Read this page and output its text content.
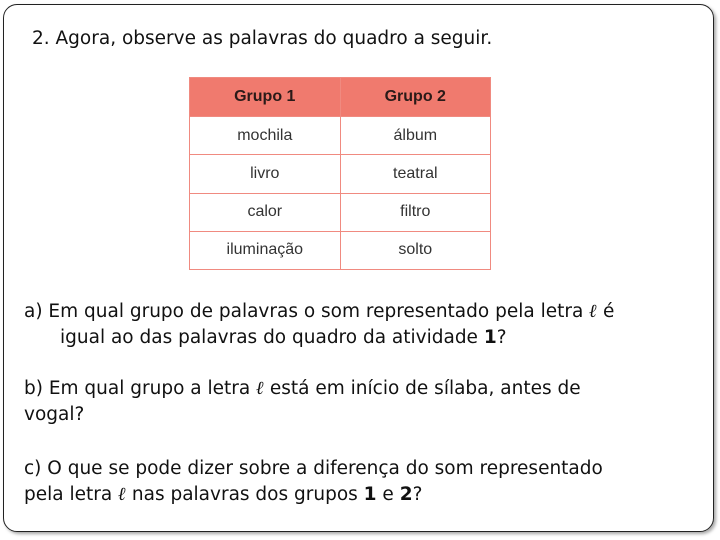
2. Agora, observe as palavras do quadro a seguir.
Grupo 1	Grupo 2
mochila	álbum
livro	teatral
calor	filtro
iluminação	solto
a) Em qual grupo de palavras o som representado pela letra ℓ é
igual ao das palavras do quadro da atividade 1?
b) Em qual grupo a letra ℓ está em início de sílaba, antes de
vogal?
c) O que se pode dizer sobre a diferença do som representado
pela letra ℓ nas palavras dos grupos 1 e 2?
